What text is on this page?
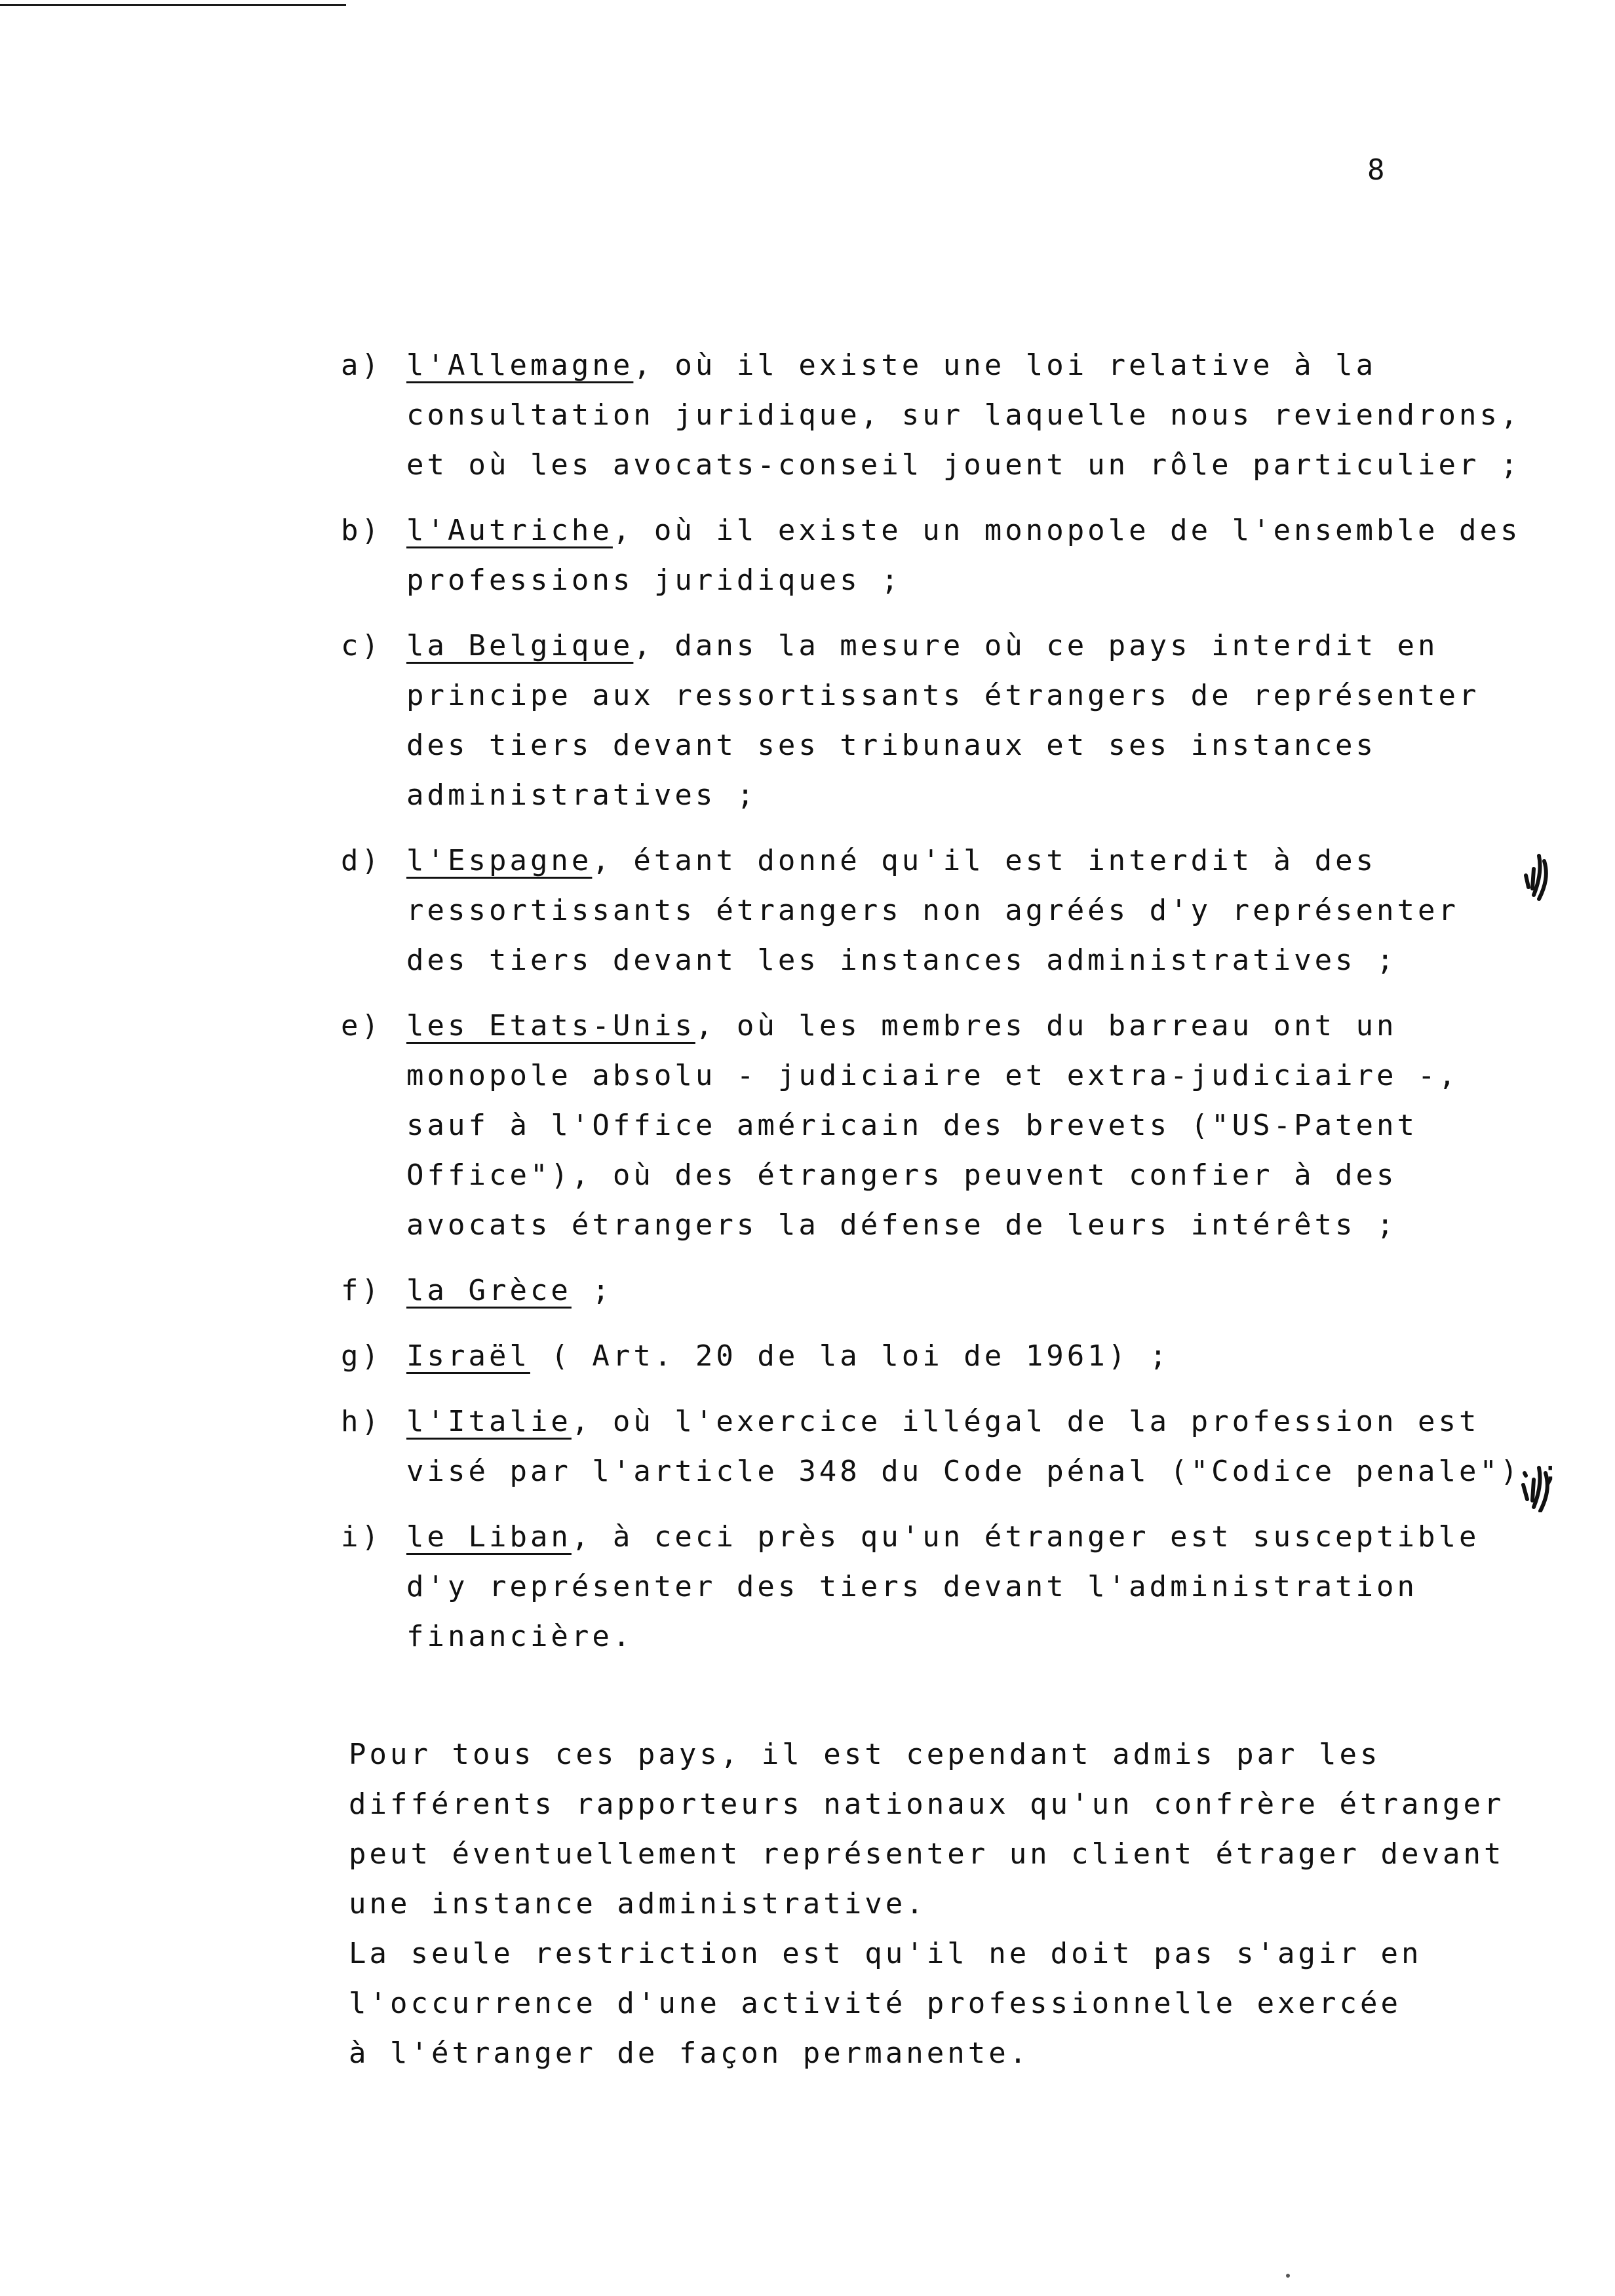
8
a) l'Allemagne, où il existe une loi relative à la
consultation juridique, sur laquelle nous reviendrons,
et où les avocats-conseil jouent un rôle particulier ;
b) l'Autriche, où il existe un monopole de l'ensemble des
professions juridiques ;
c) la Belgique, dans la mesure où ce pays interdit en
principe aux ressortissants étrangers de représenter
des tiers devant ses tribunaux et ses instances
administratives ;
d) l'Espagne, étant donné qu'il est interdit à des
ressortissants étrangers non agréés d'y représenter
des tiers devant les instances administratives ;
e) les Etats-Unis, où les membres du barreau ont un
monopole absolu - judiciaire et extra-judiciaire -,
sauf à l'Office américain des brevets ("US-Patent
Office"), où des étrangers peuvent confier à des
avocats étrangers la défense de leurs intérêts ;
f) la Grèce ;
g) Israël ( Art. 20 de la loi de 1961) ;
h) l'Italie, où l'exercice illégal de la profession est
visé par l'article 348 du Code pénal ("Codice penale") ;
i) le Liban, à ceci près qu'un étranger est susceptible
d'y représenter des tiers devant l'administration
financière.
Pour tous ces pays, il est cependant admis par les
différents rapporteurs nationaux qu'un confrère étranger
peut éventuellement représenter un client étrager devant
une instance administrative.
La seule restriction est qu'il ne doit pas s'agir en
l'occurrence d'une activité professionnelle exercée
à l'étranger de façon permanente.
